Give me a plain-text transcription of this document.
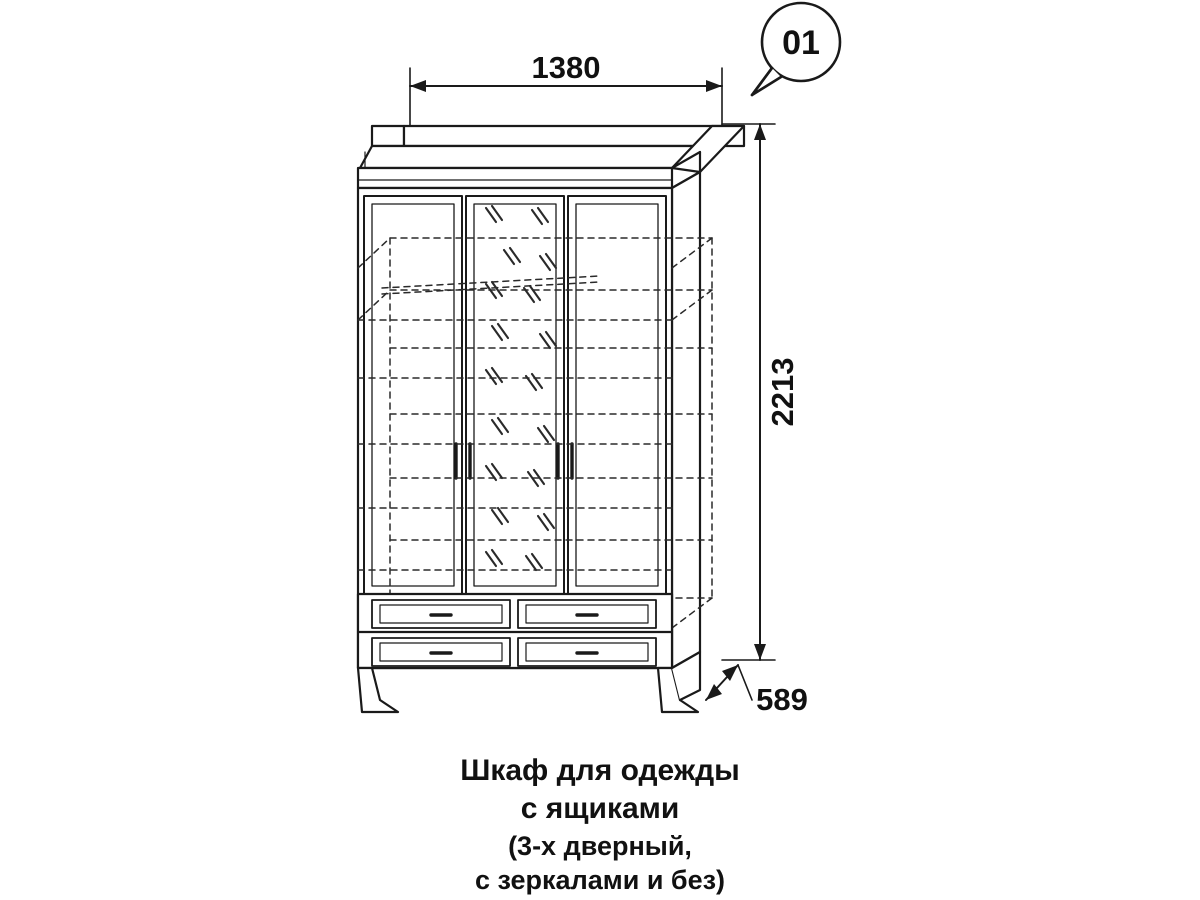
1380
2213
589
01
Шкаф для одежды
с ящиками
(3-х дверный,
с зеркалами и без)
